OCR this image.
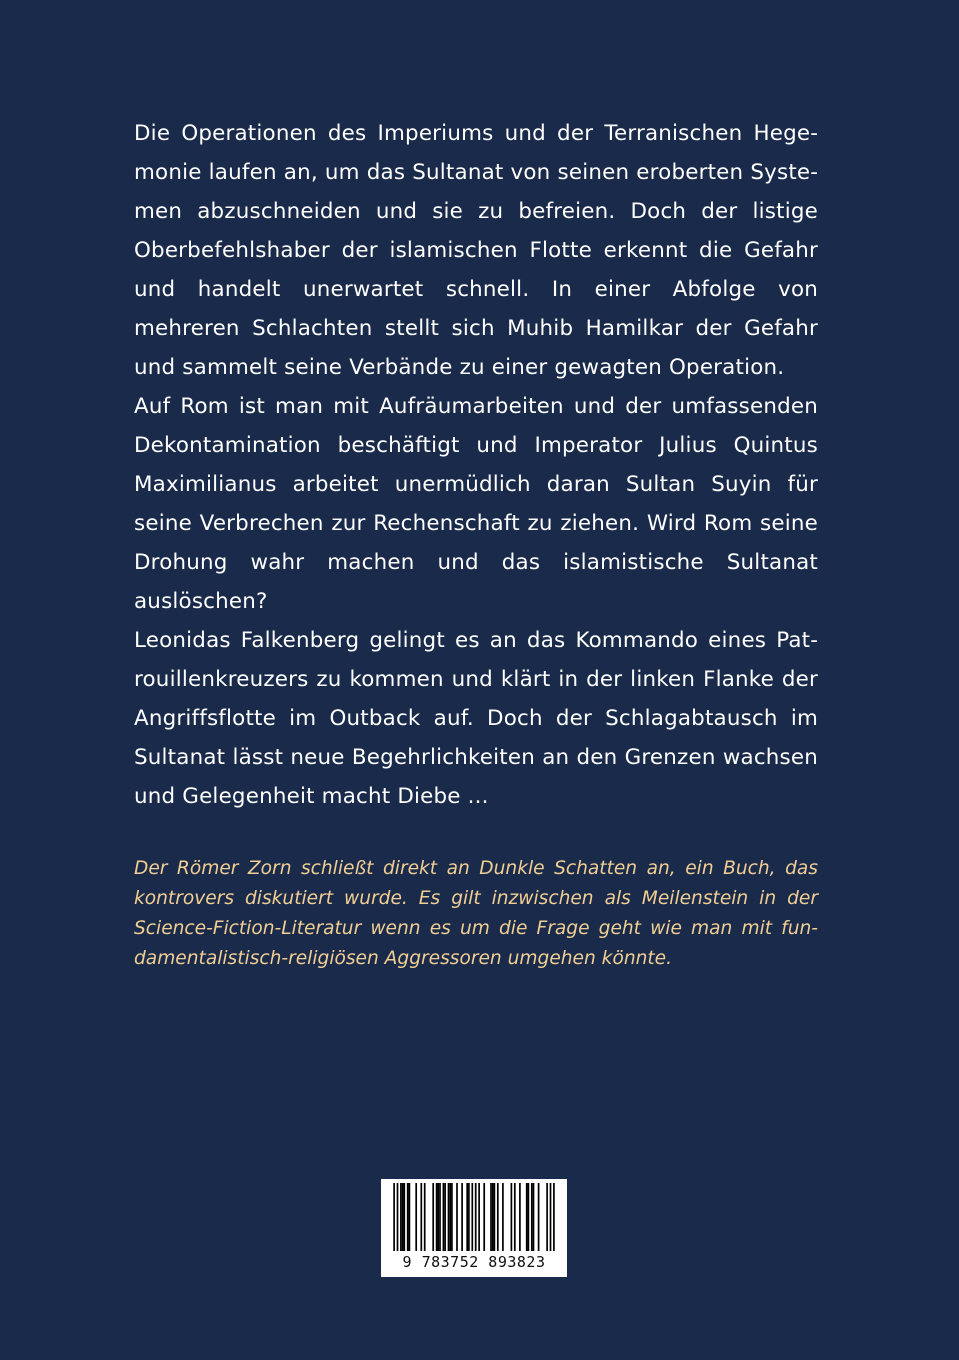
Die Operationen des Imperiums und der Terranischen Hegemonie laufen an, um das Sultanat von seinen eroberten Systemen abzuschneiden und sie zu befreien. Doch der listige Oberbefehlshaber der islamischen Flotte erkennt die Gefahr und handelt unerwartet schnell. In einer Abfolge von mehreren Schlachten stellt sich Muhib Hamilkar der Gefahr und sammelt seine Verbände zu einer gewagten Operation.

Auf Rom ist man mit Aufräumarbeiten und der umfassenden Dekontamination beschäftigt und Imperator Julius Quintus Maximilianus arbeitet unermüdlich daran Sultan Suyin für seine Verbrechen zur Rechenschaft zu ziehen. Wird Rom seine Drohung wahr machen und das islamistische Sultanat auslöschen?

Leonidas Falkenberg gelingt es an das Kommando eines Patrouillenkreuzers zu kommen und klärt in der linken Flanke der Angriffsflotte im Outback auf. Doch der Schlagabtausch im Sultanat lässt neue Begehrlichkeiten an den Grenzen wachsen und Gelegenheit macht Diebe ...

Der Römer Zorn schließt direkt an Dunkle Schatten an, ein Buch, das kontrovers diskutiert wurde. Es gilt inzwischen als Meilenstein in der Science-Fiction-Literatur wenn es um die Frage geht wie man mit fundamentalistisch-religiösen Aggressoren umgehen könnte.

9 783752 893823
